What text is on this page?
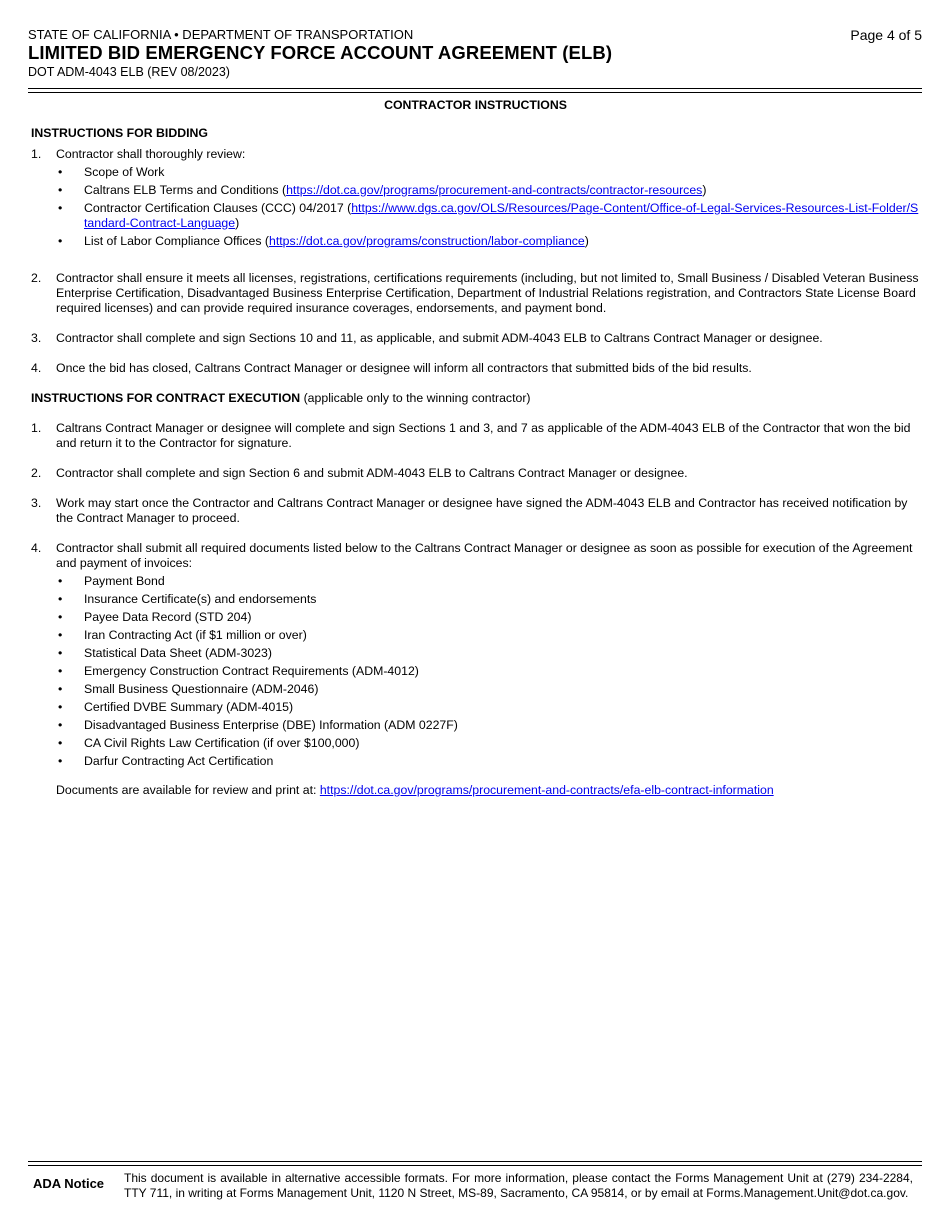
STATE OF CALIFORNIA • DEPARTMENT OF TRANSPORTATION
LIMITED BID EMERGENCY FORCE ACCOUNT AGREEMENT (ELB)
DOT ADM-4043 ELB (REV 08/2023)
Page 4 of 5
CONTRACTOR INSTRUCTIONS
INSTRUCTIONS FOR BIDDING
1. Contractor shall thoroughly review:
• Scope of Work
• Caltrans ELB Terms and Conditions (https://dot.ca.gov/programs/procurement-and-contracts/contractor-resources)
• Contractor Certification Clauses (CCC) 04/2017 (https://www.dgs.ca.gov/OLS/Resources/Page-Content/Office-of-Legal-Services-Resources-List-Folder/Standard-Contract-Language)
• List of Labor Compliance Offices (https://dot.ca.gov/programs/construction/labor-compliance)
2. Contractor shall ensure it meets all licenses, registrations, certifications requirements (including, but not limited to, Small Business / Disabled Veteran Business Enterprise Certification, Disadvantaged Business Enterprise Certification, Department of Industrial Relations registration, and Contractors State License Board required licenses) and can provide required insurance coverages, endorsements, and payment bond.
3. Contractor shall complete and sign Sections 10 and 11, as applicable, and submit ADM-4043 ELB to Caltrans Contract Manager or designee.
4. Once the bid has closed, Caltrans Contract Manager or designee will inform all contractors that submitted bids of the bid results.
INSTRUCTIONS FOR CONTRACT EXECUTION (applicable only to the winning contractor)
1. Caltrans Contract Manager or designee will complete and sign Sections 1 and 3, and 7 as applicable of the ADM-4043 ELB of the Contractor that won the bid and return it to the Contractor for signature.
2. Contractor shall complete and sign Section 6 and submit ADM-4043 ELB to Caltrans Contract Manager or designee.
3. Work may start once the Contractor and Caltrans Contract Manager or designee have signed the ADM-4043 ELB and Contractor has received notification by the Contract Manager to proceed.
4. Contractor shall submit all required documents listed below to the Caltrans Contract Manager or designee as soon as possible for execution of the Agreement and payment of invoices:
• Payment Bond
• Insurance Certificate(s) and endorsements
• Payee Data Record (STD 204)
• Iran Contracting Act (if $1 million or over)
• Statistical Data Sheet (ADM-3023)
• Emergency Construction Contract Requirements (ADM-4012)
• Small Business Questionnaire (ADM-2046)
• Certified DVBE Summary (ADM-4015)
• Disadvantaged Business Enterprise (DBE) Information (ADM 0227F)
• CA Civil Rights Law Certification (if over $100,000)
• Darfur Contracting Act Certification
Documents are available for review and print at: https://dot.ca.gov/programs/procurement-and-contracts/efa-elb-contract-information
ADA Notice This document is available in alternative accessible formats. For more information, please contact the Forms Management Unit at (279) 234-2284, TTY 711, in writing at Forms Management Unit, 1120 N Street, MS-89, Sacramento, CA 95814, or by email at Forms.Management.Unit@dot.ca.gov.
